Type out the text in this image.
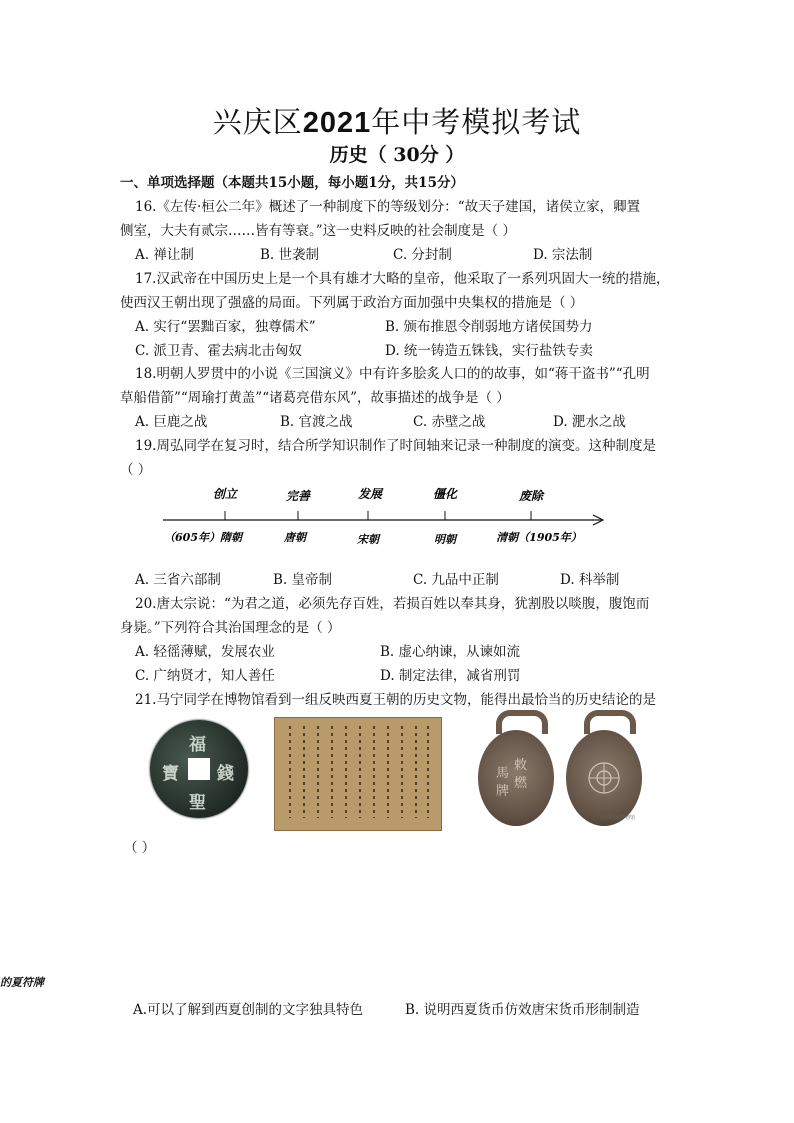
兴庆区2021年中考模拟考试
历史（ 30分 ）
一、单项选择题（本题共15小题，每小题1分，共15分）
16.《左传·桓公二年》概述了一种制度下的等级划分：“故天子建国，诸侯立家，卿置
侧室，大夫有贰宗……皆有等衰。”这一史料反映的社会制度是（ ）
A. 禅让制	B. 世袭制	C. 分封制	D. 宗法制
17.汉武帝在中国历史上是一个具有雄才大略的皇帝，他采取了一系列巩固大一统的措施，
使西汉王朝出现了强盛的局面。下列属于政治方面加强中央集权的措施是（ ）
A. 实行“罢黜百家，独尊儒术”	B. 颁布推恩令削弱地方诸侯国势力
C. 派卫青、霍去病北击匈奴	D. 统一铸造五铢钱，实行盐铁专卖
18.明朝人罗贯中的小说《三国演义》中有许多脍炙人口的的故事，如“蒋干盗书”“孔明
草船借箭”“周瑜打黄盖”“诸葛亮借东风”，故事描述的战争是（ ）
A. 巨鹿之战	B. 官渡之战	C. 赤壁之战	D. 淝水之战
19.周弘同学在复习时，结合所学知识制作了时间轴来记录一种制度的演变。这种制度是
（ ）
创立	完善	发展	僵化	废除
（605年）隋朝	唐朝	宋朝	明朝	清朝（1905年）
A. 三省六部制	B. 皇帝制	C. 九品中正制	D. 科举制
20.唐太宗说：“为君之道，必须先存百姓，若损百姓以奉其身，犹割股以啖腹，腹饱而
身毙。”下列符合其治国理念的是（ ）
A. 轻徭薄赋，发展农业	B. 虚心纳谏，从谏如流
C. 广纳贤才，知人善任	D. 制定法律，减省刑罚
21.马宁同学在博物馆看到一组反映西夏王朝的历史文物，能得出最恰当的历史结论的是
福
聖
寶 錢	敕
燃
馬
牌
中国国家博物馆
（ ）
的夏符牌
A.可以了解到西夏创制的文字独具特色	B. 说明西夏货币仿效唐宋货币形制制造
